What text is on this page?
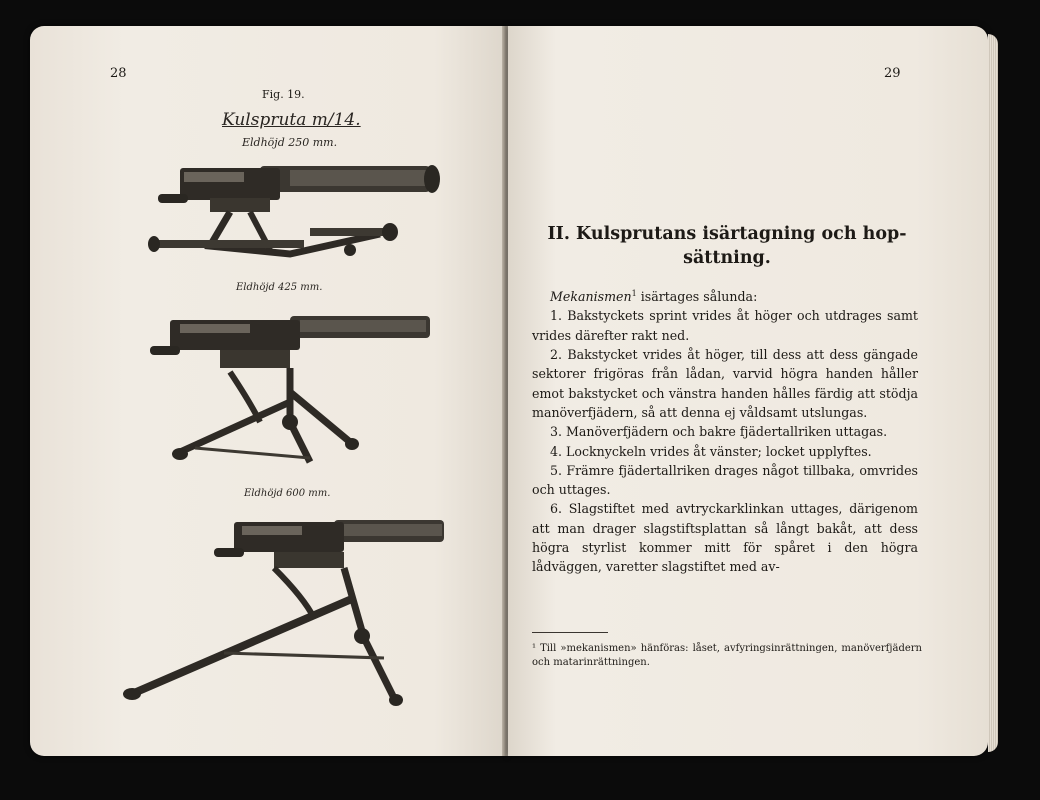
28
Fig. 19.
Kulspruta m/14.
Eldhöjd 250 mm.
Eldhöjd 425 mm.
Eldhöjd 600 mm.
29
II. Kulsprutans isärtagning och hop-sättning.

Mekanismen$^1$ isärtages sålunda:

1. Bakstyckets sprint vrides åt höger och utdrages samt vrides därefter rakt ned.

2. Bakstycket vrides åt höger, till dess att dess gängade sektorer frigöras från lådan, varvid högra handen håller emot bakstycket och vänstra handen hålles färdig att stödja manöverfjädern, så att denna ej våldsamt utslungas.

3. Manöverfjädern och bakre fjädertallriken uttagas.

4. Locknyckeln vrides åt vänster; locket upplyftes.

5. Främre fjädertallriken drages något tillbaka, omvrides och uttages.

6. Slagstiftet med avtryckarklinkan uttages, därigenom att man drager slagstiftsplattan så långt bakåt, att dess högra styrlist kommer mitt för spåret i den högra lådväggen, varetter slagstiftet med av-

¹ Till »mekanismen» hänföras: låset, avfyringsinrättningen, manöverfjädern och matarinrättningen.
